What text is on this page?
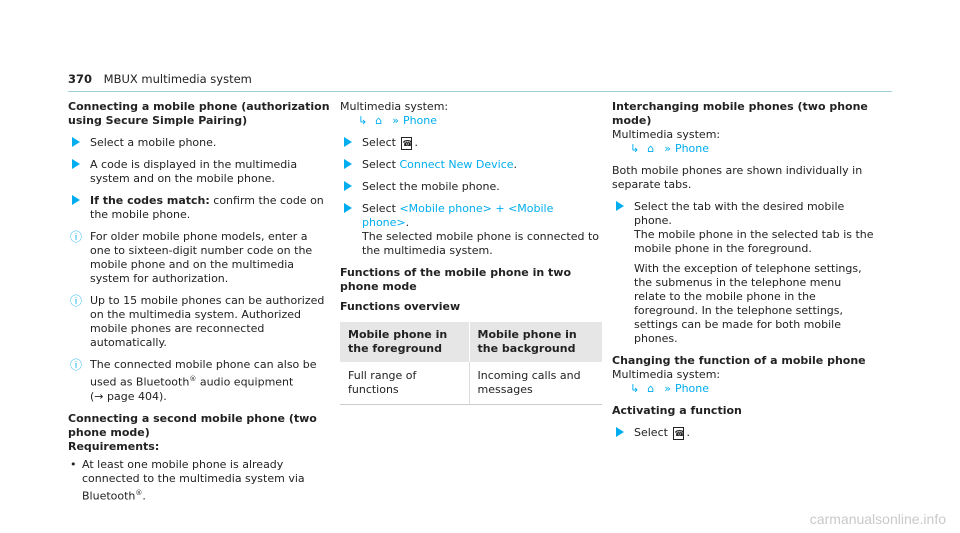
370 MBUX multimedia system
Connecting a mobile phone (authorization using Secure Simple Pairing)
Select a mobile phone.
A code is displayed in the multimedia system and on the mobile phone.
If the codes match: confirm the code on the mobile phone.
ⓘ For older mobile phone models, enter a one to sixteen-digit number code on the mobile phone and on the multimedia system for authorization.
ⓘ Up to 15 mobile phones can be authorized on the multimedia system. Authorized mobile phones are reconnected automatically.
ⓘ The connected mobile phone can also be used as Bluetooth® audio equipment
(→ page 404).
Connecting a second mobile phone (two phone mode)
Requirements:
• At least one mobile phone is already connected to the multimedia system via Bluetooth®.
Multimedia system:
↳ ⌂ » Phone
Select ☎ .
Select Connect New Device.
Select the mobile phone.
Select <Mobile phone> + <Mobile phone>.
The selected mobile phone is connected to the multimedia system.
Functions of the mobile phone in two phone mode
Functions overview
Mobile phone in the foreground	Mobile phone in the background
Full range of functions	Incoming calls and messages
Interchanging mobile phones (two phone mode)
Multimedia system:
↳ ⌂ » Phone
Both mobile phones are shown individually in separate tabs.
Select the tab with the desired mobile phone.
The mobile phone in the selected tab is the mobile phone in the foreground.
With the exception of telephone settings, the submenus in the telephone menu relate to the mobile phone in the foreground. In the telephone settings, settings can be made for both mobile phones.
Changing the function of a mobile phone
Multimedia system:
↳ ⌂ » Phone
Activating a function
Select ☎ .
carmanualsonline.info
